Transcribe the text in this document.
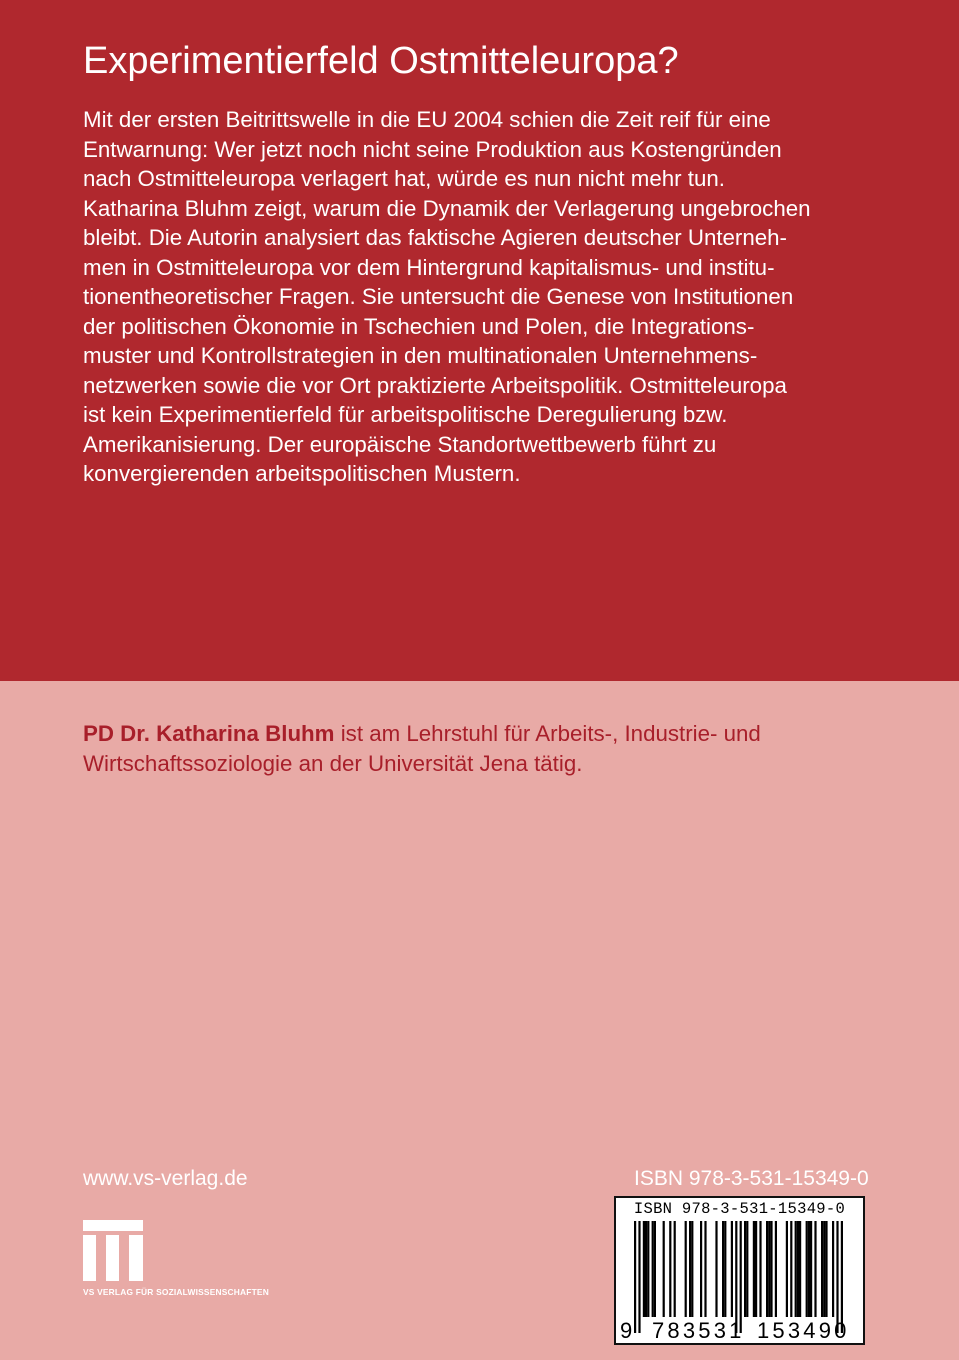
Experimentierfeld Ostmitteleuropa?
Mit der ersten Beitrittswelle in die EU 2004 schien die Zeit reif für eine
Entwarnung: Wer jetzt noch nicht seine Produktion aus Kostengründen
nach Ostmitteleuropa verlagert hat, würde es nun nicht mehr tun.
Katharina Bluhm zeigt, warum die Dynamik der Verlagerung ungebrochen
bleibt. Die Autorin analysiert das faktische Agieren deutscher Unterneh-
men in Ostmitteleuropa vor dem Hintergrund kapitalismus- und institu-
tionentheoretischer Fragen. Sie untersucht die Genese von Institutionen
der politischen Ökonomie in Tschechien und Polen, die Integrations-
muster und Kontrollstrategien in den multinationalen Unternehmens-
netzwerken sowie die vor Ort praktizierte Arbeitspolitik. Ostmitteleuropa
ist kein Experimentierfeld für arbeitspolitische Deregulierung bzw.
Amerikanisierung. Der europäische Standortwettbewerb führt zu
konvergierenden arbeitspolitischen Mustern.
PD Dr. Katharina Bluhm ist am Lehrstuhl für Arbeits-, Industrie- und
Wirtschaftssoziologie an der Universität Jena tätig.
www.vs-verlag.de	ISBN 978-3-531-15349-0
VS VERLAG FÜR SOZIALWISSENSCHAFTEN
ISBN 978-3-531-15349-0
9 783531 153490
